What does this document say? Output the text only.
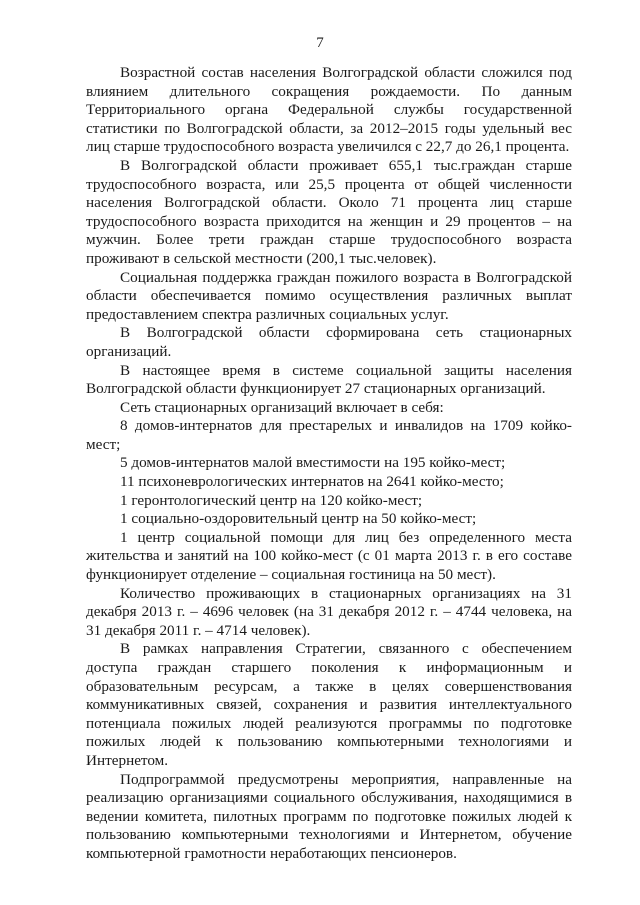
7

Возрастной состав населения Волгоградской области сложился под влиянием длительного сокращения рождаемости. По данным Территориального органа Федеральной службы государственной статистики по Волгоградской области, за 2012–2015 годы удельный вес лиц старше трудоспособного возраста увеличился с 22,7 до 26,1 процента.

В Волгоградской области проживает 655,1 тыс.граждан старше трудоспособного возраста, или 25,5 процента от общей численности населения Волгоградской области. Около 71 процента лиц старше трудоспособного возраста приходится на женщин и 29 процентов – на мужчин. Более трети граждан старше трудоспособного возраста проживают в сельской местности (200,1 тыс.человек).

Социальная поддержка граждан пожилого возраста в Волгоградской области обеспечивается помимо осуществления различных выплат предоставлением спектра различных социальных услуг.

В Волгоградской области сформирована сеть стационарных организаций.

В настоящее время в системе социальной защиты населения Волгоградской области функционирует 27 стационарных организаций.

Сеть стационарных организаций включает в себя:

8 домов-интернатов для престарелых и инвалидов на 1709 койко-мест;

5 домов-интернатов малой вместимости на 195 койко-мест;

11 психоневрологических интернатов на 2641 койко-место;

1 геронтологический центр на 120 койко-мест;

1 социально-оздоровительный центр на 50 койко-мест;

1 центр социальной помощи для лиц без определенного места жительства и занятий на 100 койко-мест (с 01 марта 2013 г. в его составе функционирует отделение – социальная гостиница на 50 мест).

Количество проживающих в стационарных организациях на 31 декабря 2013 г. – 4696 человек (на 31 декабря 2012 г. – 4744 человека, на 31 декабря 2011 г. – 4714 человек).

В рамках направления Стратегии, связанного с обеспечением доступа граждан старшего поколения к информационным и образовательным ресурсам, а также в целях совершенствования коммуникативных связей, сохранения и развития интеллектуального потенциала пожилых людей реализуются программы по подготовке пожилых людей к пользованию компьютерными технологиями и Интернетом.

Подпрограммой предусмотрены мероприятия, направленные на реализацию организациями социального обслуживания, находящимися в ведении комитета, пилотных программ по подготовке пожилых людей к пользованию компьютерными технологиями и Интернетом, обучение компьютерной грамотности неработающих пенсионеров.
